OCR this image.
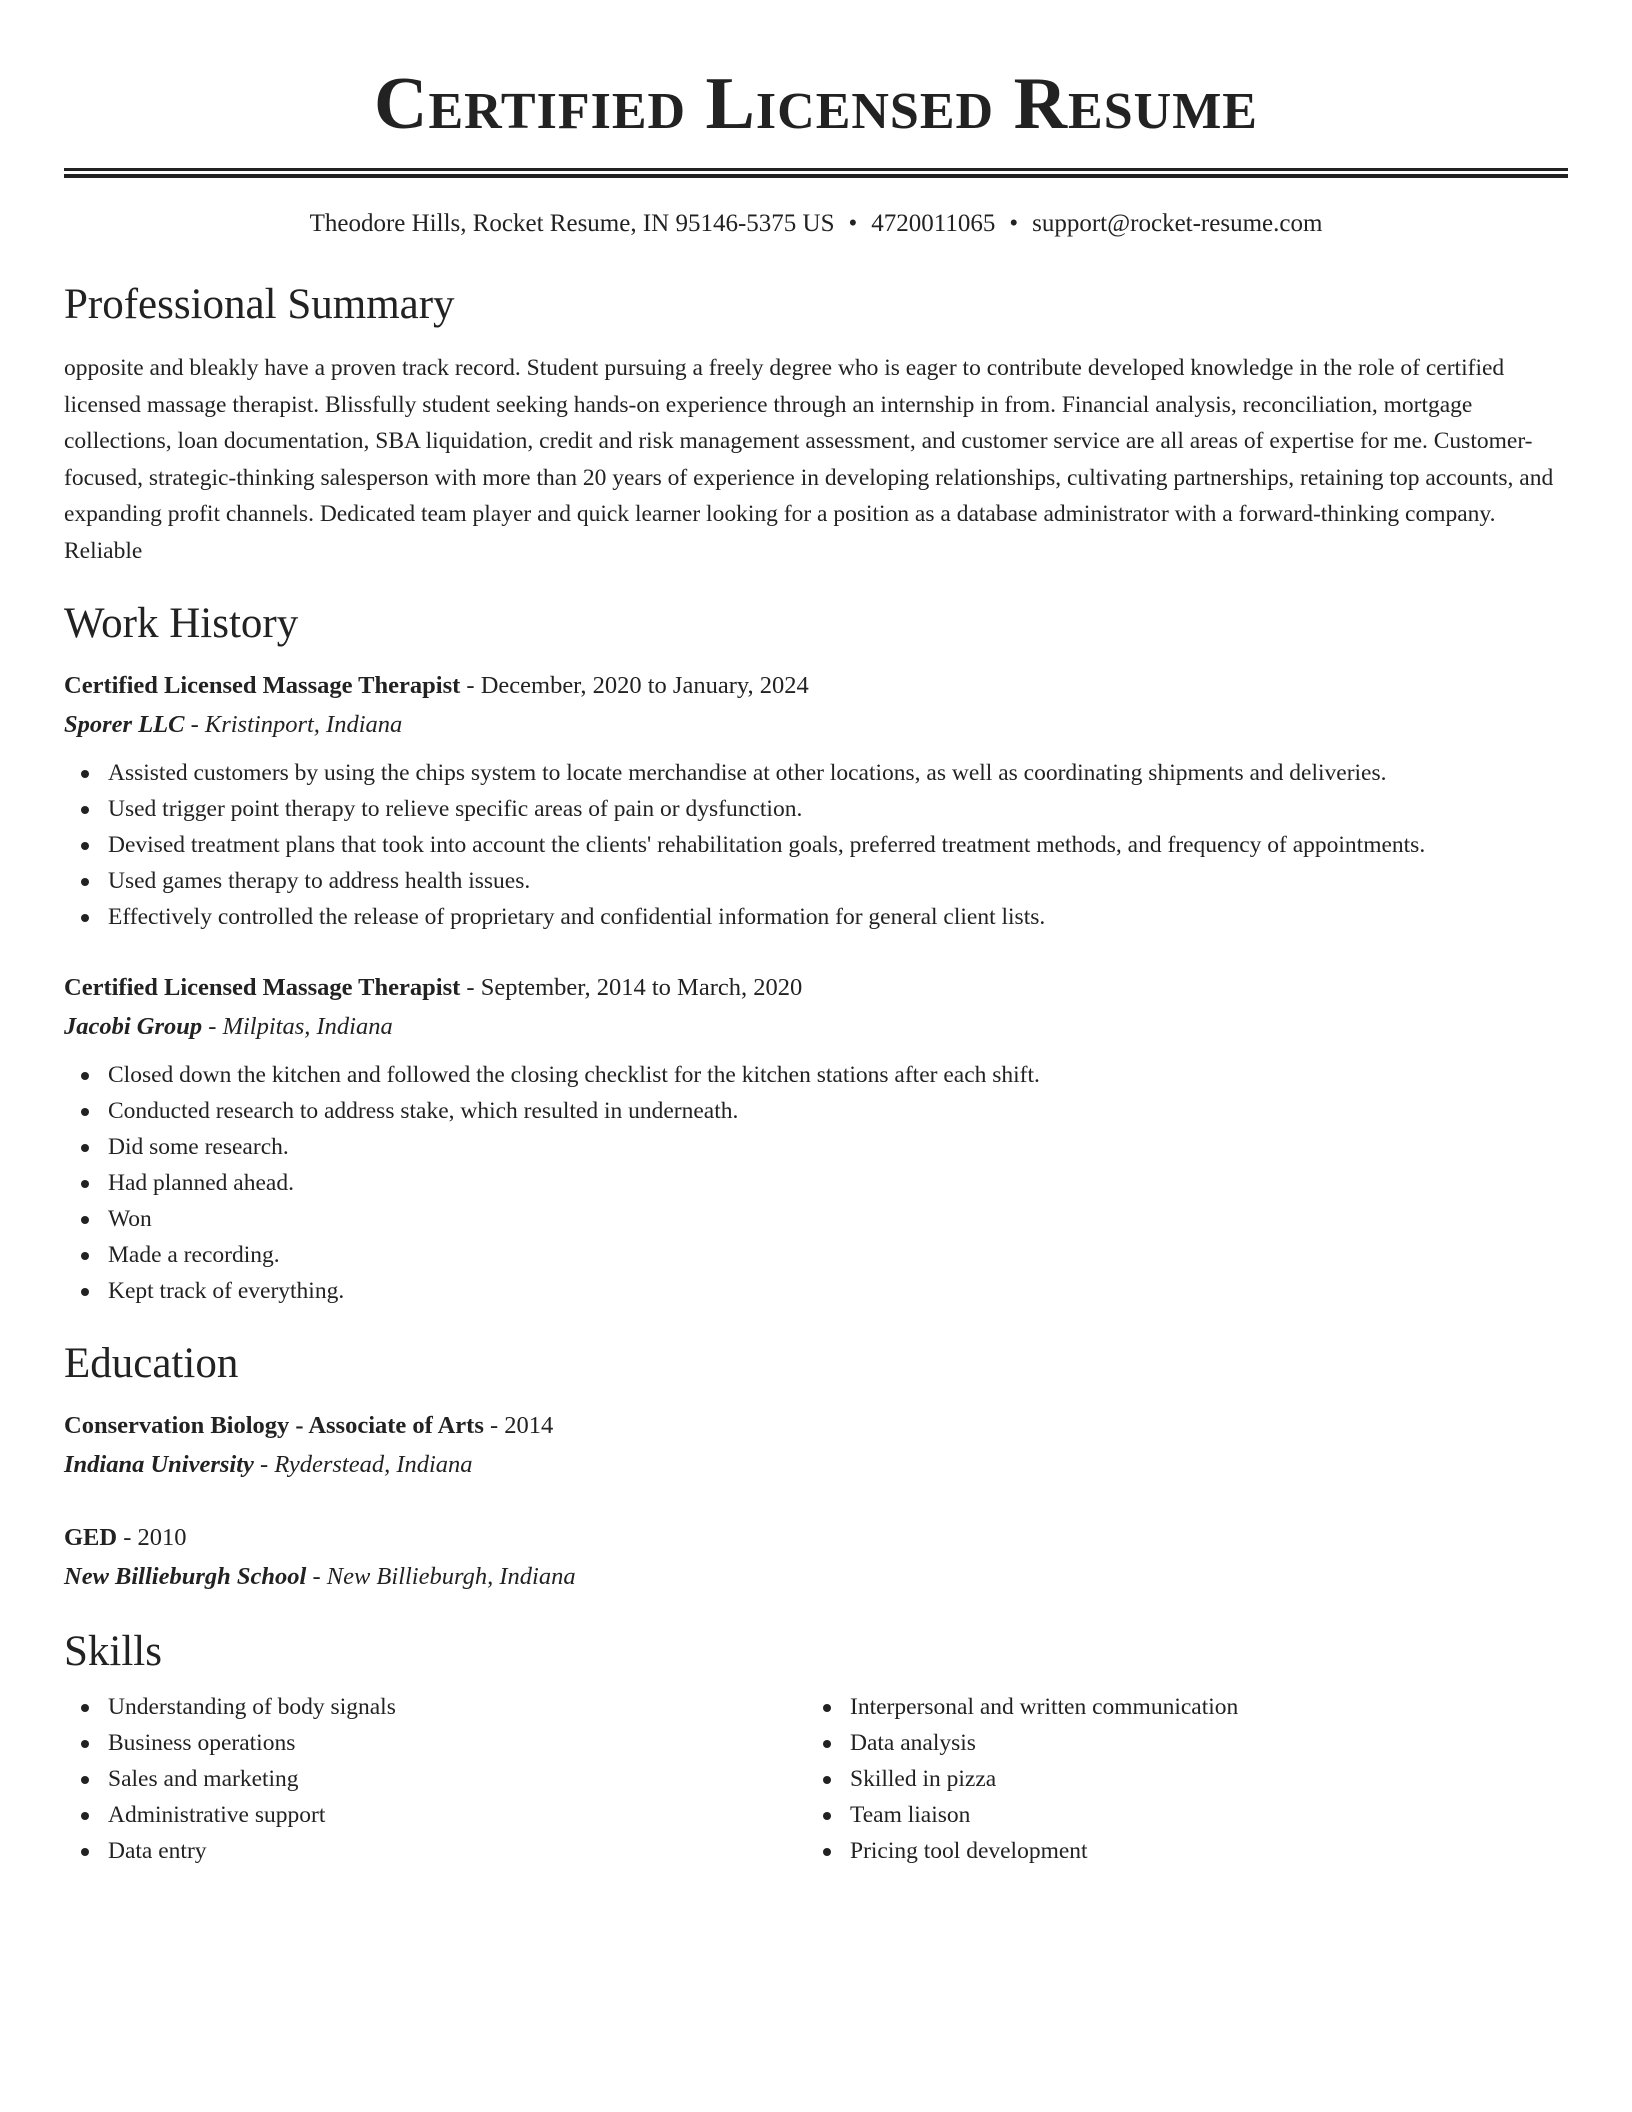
Certified Licensed Resume
Theodore Hills, Rocket Resume, IN 95146-5375 US • 4720011065 • support@rocket-resume.com
Professional Summary

opposite and bleakly have a proven track record. Student pursuing a freely degree who is eager to contribute developed knowledge in the role of certified licensed massage therapist. Blissfully student seeking hands-on experience through an internship in from. Financial analysis, reconciliation, mortgage collections, loan documentation, SBA liquidation, credit and risk management assessment, and customer service are all areas of expertise for me. Customer-focused, strategic-thinking salesperson with more than 20 years of experience in developing relationships, cultivating partnerships, retaining top accounts, and expanding profit channels. Dedicated team player and quick learner looking for a position as a database administrator with a forward-thinking company. Reliable

Work History
Certified Licensed Massage Therapist - December, 2020 to January, 2024
Sporer LLC - Kristinport, Indiana
Assisted customers by using the chips system to locate merchandise at other locations, as well as coordinating shipments and deliveries.
Used trigger point therapy to relieve specific areas of pain or dysfunction.
Devised treatment plans that took into account the clients' rehabilitation goals, preferred treatment methods, and frequency of appointments.
Used games therapy to address health issues.
Effectively controlled the release of proprietary and confidential information for general client lists.
Certified Licensed Massage Therapist - September, 2014 to March, 2020
Jacobi Group - Milpitas, Indiana
Closed down the kitchen and followed the closing checklist for the kitchen stations after each shift.
Conducted research to address stake, which resulted in underneath.
Did some research.
Had planned ahead.
Won
Made a recording.
Kept track of everything.
Education
Conservation Biology - Associate of Arts - 2014
Indiana University - Ryderstead, Indiana
GED - 2010
New Billieburgh School - New Billieburgh, Indiana
Skills
Understanding of body signals
Business operations
Sales and marketing
Administrative support
Data entry
Interpersonal and written communication
Data analysis
Skilled in pizza
Team liaison
Pricing tool development
